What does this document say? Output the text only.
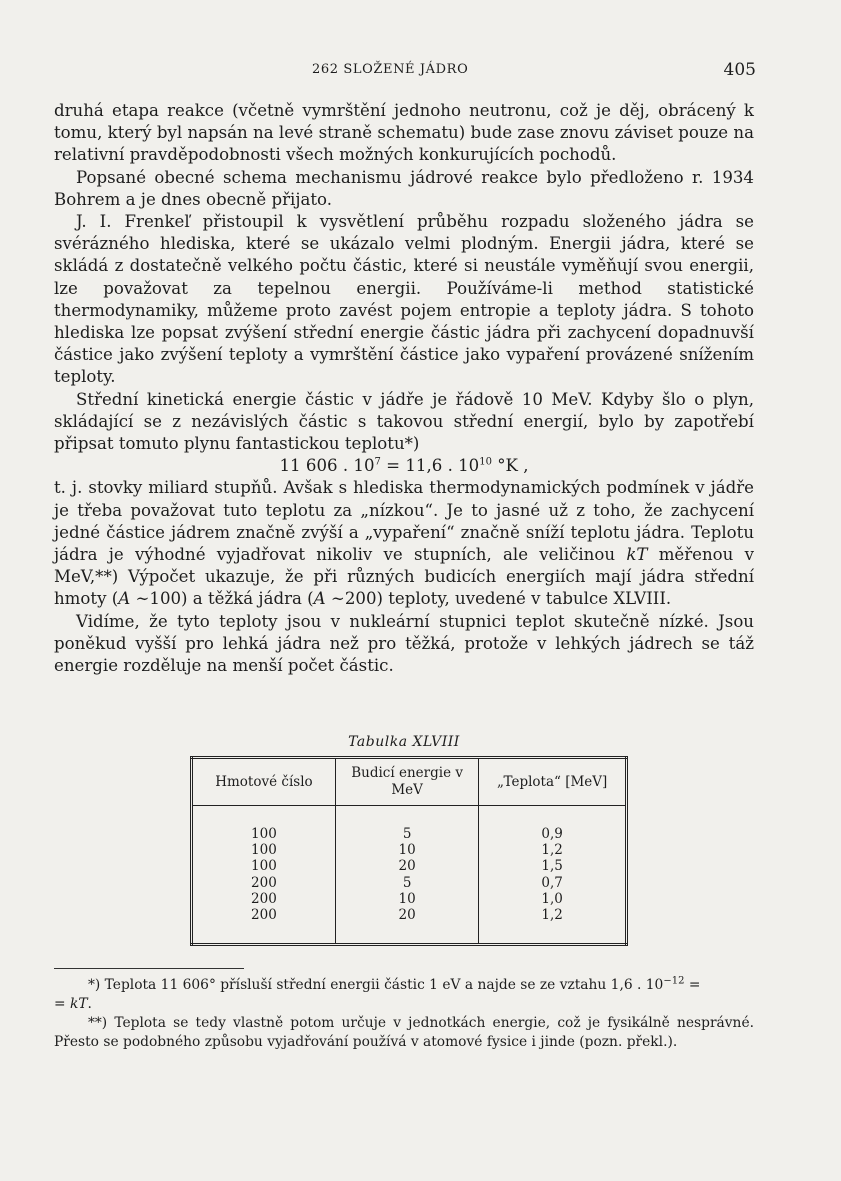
262 SLOŽENÉ JÁDRO	405

druhá etapa reakce (včetně vymrštění jednoho neutronu, což je děj, obrácený k tomu, který byl napsán na levé straně schematu) bude zase znovu záviset pouze na relativní pravděpodobnosti všech možných konkurujících pochodů.

Popsané obecné schema mechanismu jádrové reakce bylo předloženo r. 1934 Bohrem a je dnes obecně přijato.

J. I. Frenkeľ přistoupil k vysvětlení průběhu rozpadu složeného jádra se svérázného hlediska, které se ukázalo velmi plodným. Energii jádra, které se skládá z dostatečně velkého počtu částic, které si neustále vyměňují svou energii, lze považovat za tepelnou energii. Používáme-li method statistické thermodynamiky, můžeme proto zavést pojem entropie a teploty jádra. S tohoto hlediska lze popsat zvýšení střední energie částic jádra při zachycení dopadnuvší částice jako zvýšení teploty a vymrštění částice jako vypaření provázené snížením teploty.

Střední kinetická energie částic v jádře je řádově 10 MeV. Kdyby šlo o plyn, skládající se z nezávislých částic s takovou střední energií, bylo by zapotřebí připsat tomuto plynu fantastickou teplotu*)

11 606 . $10^7 = 11,6$ . $10^{10}$ °K ,

t. j. stovky miliard stupňů. Avšak s hlediska thermodynamických podmínek v jádře je třeba považovat tuto teplotu za „nízkou“. Je to jasné už z toho, že zachycení jedné částice jádrem značně zvýší a „vypaření“ značně sníží teplotu jádra. Teplotu jádra je výhodné vyjadřovat nikoliv ve stupních, ale veličinou kT měřenou v MeV,**) Výpočet ukazuje, že při různých budicích energiích mají jádra střední hmoty (A ∼100) a těžká jádra (A ∼200) teploty, uvedené v tabulce XLVIII.

Vidíme, že tyto teploty jsou v nukleární stupnici teplot skutečně nízké. Jsou poněkud vyšší pro lehká jádra než pro těžká, protože v lehkých jádrech se táž energie rozděluje na menší počet částic.

Tabulka XLVIII
Hmotové číslo	Budicí energie v MeV	„Teplota“ [MeV]
100	5	0,9
100	10	1,2
100	20	1,5
200	5	0,7
200	10	1,0
200	20	1,2

*) Teplota 11 606° přísluší střední energii částic 1 eV a najde se ze vztahu 1,6 . $10^{-12}$ =
= kT.

**) Teplota se tedy vlastně potom určuje v jednotkách energie, což je fysikálně nesprávné. Přesto se podobného způsobu vyjadřování používá v atomové fysice i jinde (pozn. překl.).
